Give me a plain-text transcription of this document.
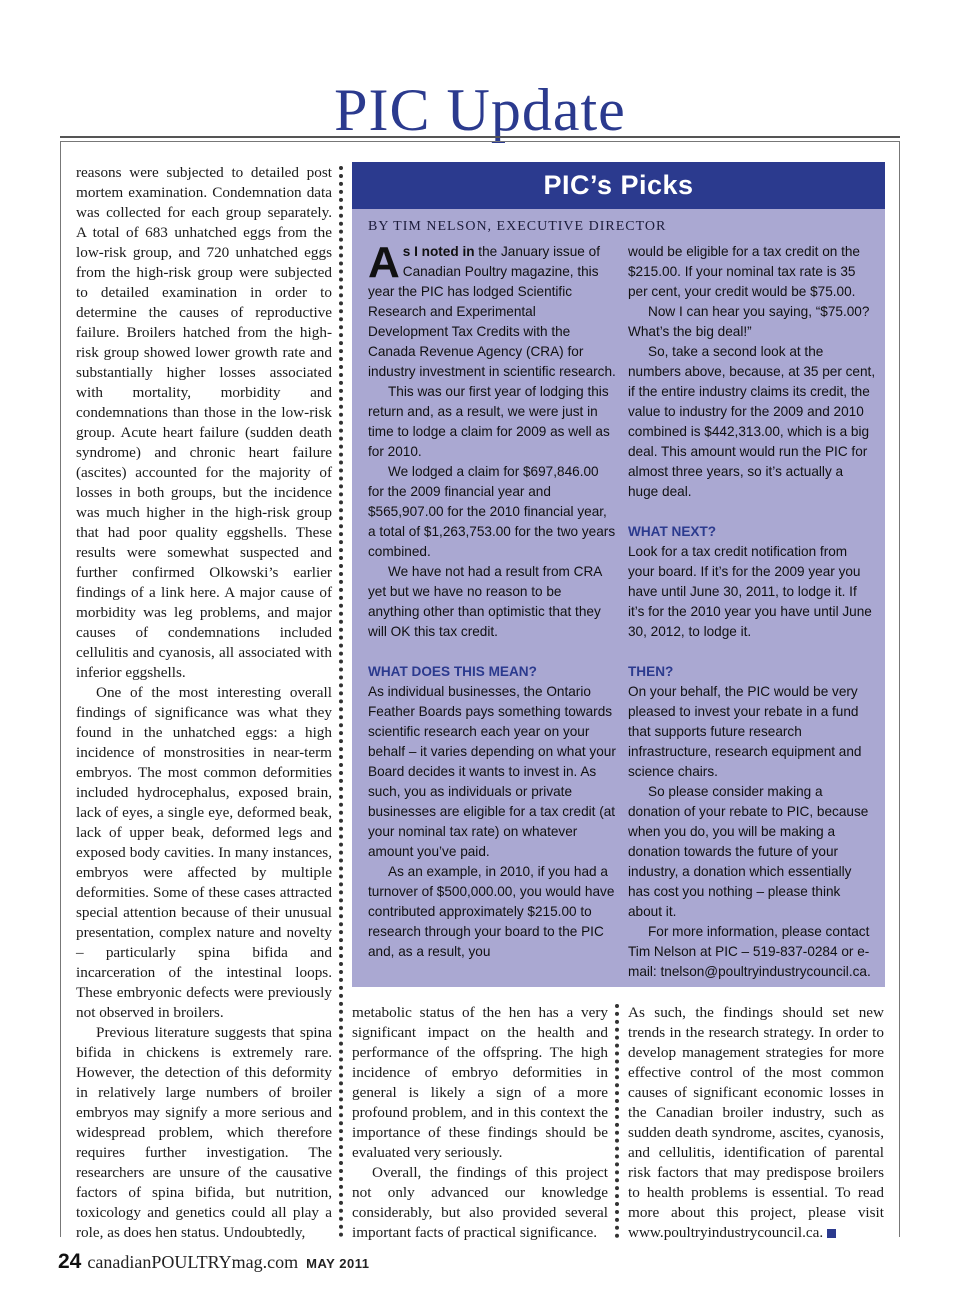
PIC Update

reasons were subjected to detailed post mortem examination. Condemnation data was collected for each group separately. A total of 683 unhatched eggs from the low-risk group, and 720 unhatched eggs from the high-risk group were subjected to detailed examination in order to determine the causes of reproductive failure. Broilers hatched from the high-risk group showed lower growth rate and substantially higher losses associated with mortality, morbidity and condemnations than those in the low-risk group. Acute heart failure (sudden death syndrome) and chronic heart failure (ascites) accounted for the majority of losses in both groups, but the incidence was much higher in the high-risk group that had poor quality eggshells. These results were somewhat suspected and further confirmed Olkowski’s earlier findings of a link here. A major cause of morbidity was leg problems, and major causes of condemnations included cellulitis and cyanosis, all associated with inferior eggshells.

One of the most interesting overall findings of significance was what they found in the unhatched eggs: a high incidence of monstrosities in near-term embryos. The most common deformities included hydrocephalus, exposed brain, lack of eyes, a single eye, deformed beak, lack of upper beak, deformed legs and exposed body cavities. In many instances, embryos were affected by multiple deformities. Some of these cases attracted special attention because of their unusual presentation, complex nature and novelty – particularly spina bifida and incarceration of the intestinal loops. These embryonic defects were previously not observed in broilers.

Previous literature suggests that spina bifida in chickens is extremely rare. However, the detection of this deformity in relatively large numbers of broiler embryos may signify a more serious and widespread problem, which therefore requires further investigation. The researchers are unsure of the causative factors of spina bifida, but nutrition, toxicology and genetics could all play a role, as does hen status. Undoubtedly,

PIC’s Picks
BY TIM NELSON, EXECUTIVE DIRECTOR

As I noted in the January issue of Canadian Poultry magazine, this year the PIC has lodged Scientific Research and Experimental Development Tax Credits with the Canada Revenue Agency (CRA) for industry investment in scientific research.

This was our first year of lodging this return and, as a result, we were just in time to lodge a claim for 2009 as well as for 2010.

We lodged a claim for $697,846.00 for the 2009 financial year and $565,907.00 for the 2010 financial year, a total of $1,263,753.00 for the two years combined.

We have not had a result from CRA yet but we have no reason to be anything other than optimistic that they will OK this tax credit.

WHAT DOES THIS MEAN?

As individual businesses, the Ontario Feather Boards pays something towards scientific research each year on your behalf – it varies depending on what your Board decides it wants to invest in. As such, you as individuals or private businesses are eligible for a tax credit (at your nominal tax rate) on whatever amount you’ve paid.

As an example, in 2010, if you had a turnover of $500,000.00, you would have contributed approximately $215.00 to research through your board to the PIC and, as a result, you

would be eligible for a tax credit on the $215.00. If your nominal tax rate is 35 per cent, your credit would be $75.00.

Now I can hear you saying, “$75.00? What’s the big deal!”

So, take a second look at the numbers above, because, at 35 per cent, if the entire industry claims its credit, the value to industry for the 2009 and 2010 combined is $442,313.00, which is a big deal. This amount would run the PIC for almost three years, so it’s actually a huge deal.

WHAT NEXT?

Look for a tax credit notification from your board. If it’s for the 2009 year you have until June 30, 2011, to lodge it. If it’s for the 2010 year you have until June 30, 2012, to lodge it.

THEN?

On your behalf, the PIC would be very pleased to invest your rebate in a fund that supports future research infrastructure, research equipment and science chairs.

So please consider making a donation of your rebate to PIC, because when you do, you will be making a donation towards the future of your industry, a donation which essentially has cost you nothing – please think about it.

For more information, please contact Tim Nelson at PIC – 519-837-0284 or e-mail: tnelson@poultryindustrycouncil.ca.

metabolic status of the hen has a very significant impact on the health and performance of the offspring. The high incidence of embryo deformities in general is likely a sign of a more profound problem, and in this context the importance of these findings should be evaluated very seriously.

Overall, the findings of this project not only advanced our knowledge considerably, but also provided several important facts of practical significance.

As such, the findings should set new trends in the research strategy. In order to develop management strategies for more effective control of the most common causes of significant economic losses in the Canadian broiler industry, such as sudden death syndrome, ascites, cyanosis, and cellulitis, identification of parental risk factors that may predispose broilers to health problems is essential. To read more about this project, please visit www.poultryindustrycouncil.ca.

24 canadianPOULTRYmag.com MAY 2011
